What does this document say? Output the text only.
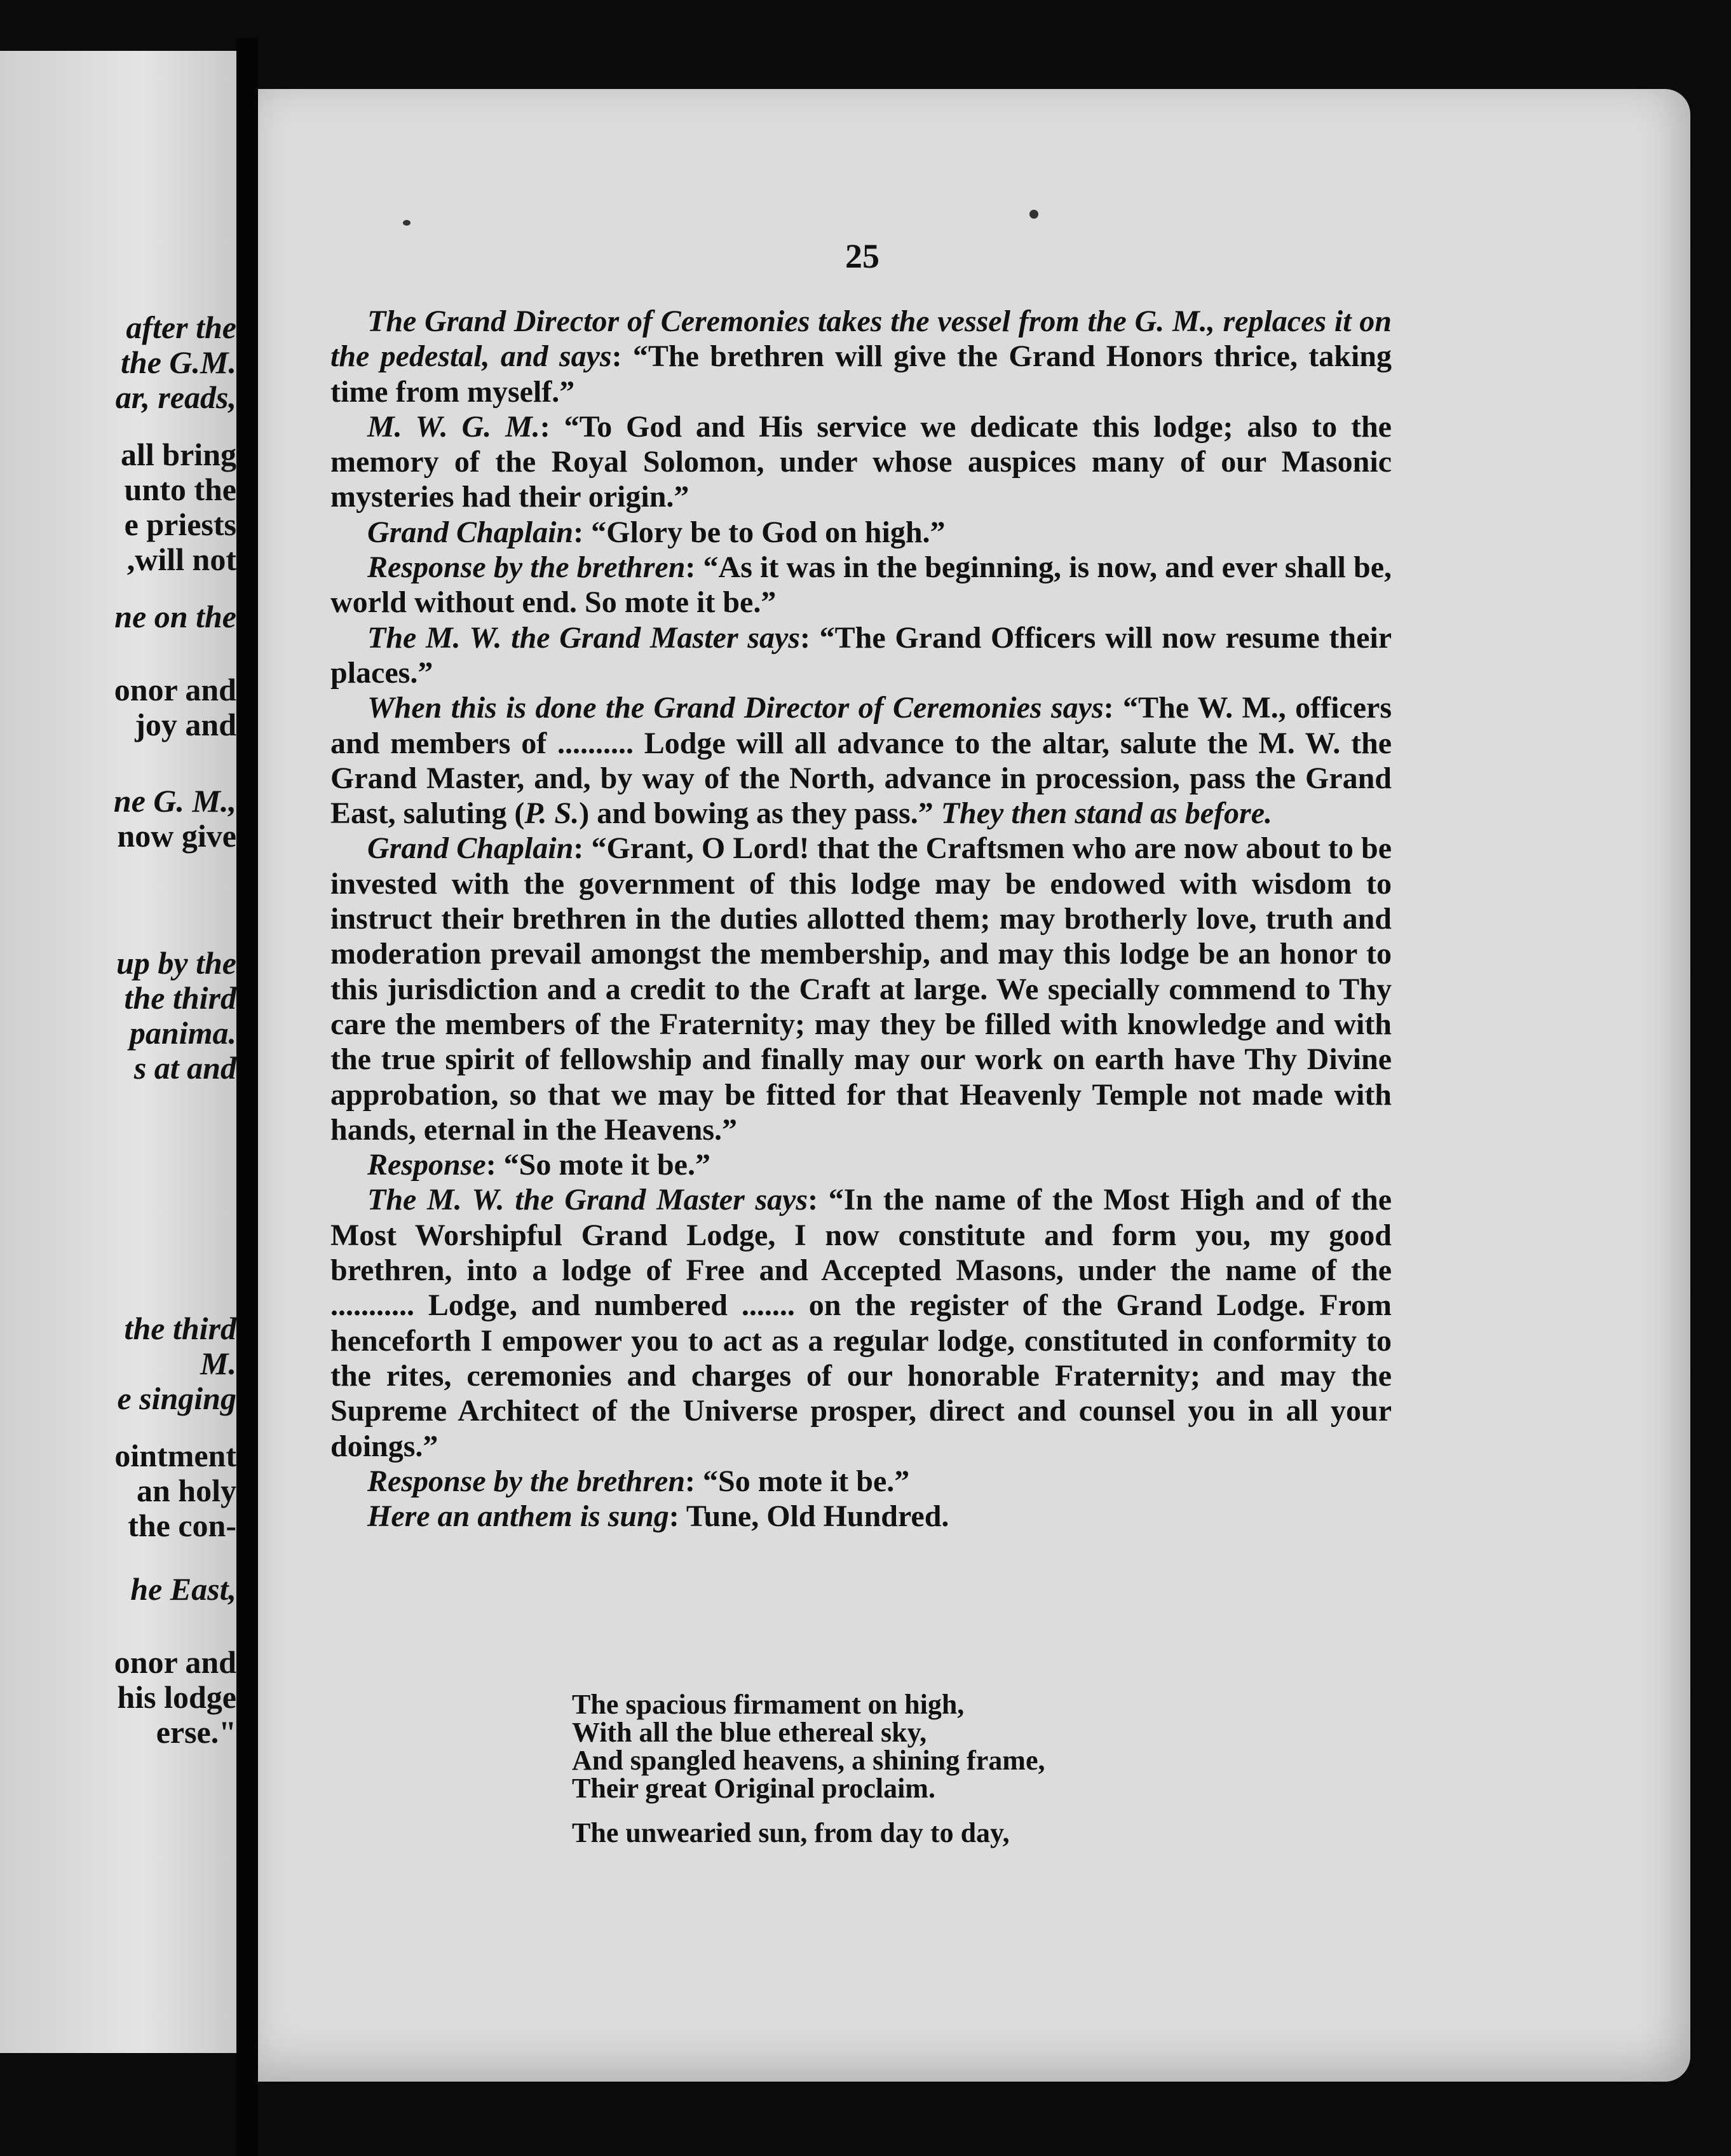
after the
the G.M.
ar, reads,
all bring
unto the
e priests
,will not
ne on the
onor and
joy and
ne G. M.,
now give
up by the
the third
panima.
s at and
the third
M.
e singing
ointment
an holy
the con-
he East,
onor and
his lodge
erse."
25

The Grand Director of Ceremonies takes the vessel from the G. M., replaces it on the pedestal, and says: “The brethren will give the Grand Honors thrice, taking time from myself.”

M. W. G. M.: “To God and His service we dedicate this lodge; also to the memory of the Royal Solomon, under whose auspices many of our Masonic mysteries had their origin.”

Grand Chaplain: “Glory be to God on high.”

Response by the brethren: “As it was in the beginning, is now, and ever shall be, world without end. So mote it be.”

The M. W. the Grand Master says: “The Grand Officers will now resume their places.”

When this is done the Grand Director of Ceremonies says: “The W. M., officers and members of .......... Lodge will all advance to the altar, salute the M. W. the Grand Master, and, by way of the North, advance in procession, pass the Grand East, saluting (P. S.) and bowing as they pass.” They then stand as before.

Grand Chaplain: “Grant, O Lord! that the Craftsmen who are now about to be invested with the government of this lodge may be endowed with wisdom to instruct their brethren in the duties allotted them; may brotherly love, truth and moderation prevail amongst the membership, and may this lodge be an honor to this jurisdiction and a credit to the Craft at large. We specially commend to Thy care the members of the Fraternity; may they be filled with knowledge and with the true spirit of fellowship and finally may our work on earth have Thy Divine approbation, so that we may be fitted for that Heavenly Temple not made with hands, eternal in the Heavens.”

Response: “So mote it be.”

The M. W. the Grand Master says: “In the name of the Most High and of the Most Worshipful Grand Lodge, I now constitute and form you, my good brethren, into a lodge of Free and Accepted Masons, under the name of the ........... Lodge, and numbered ....... on the register of the Grand Lodge. From henceforth I empower you to act as a regular lodge, constituted in conformity to the rites, ceremonies and charges of our honorable Fraternity; and may the Supreme Architect of the Universe prosper, direct and counsel you in all your doings.”

Response by the brethren: “So mote it be.”

Here an anthem is sung: Tune, Old Hundred.

The spacious firmament on high,
With all the blue ethereal sky,
And spangled heavens, a shining frame,
Their great Original proclaim.
The unwearied sun, from day to day,
